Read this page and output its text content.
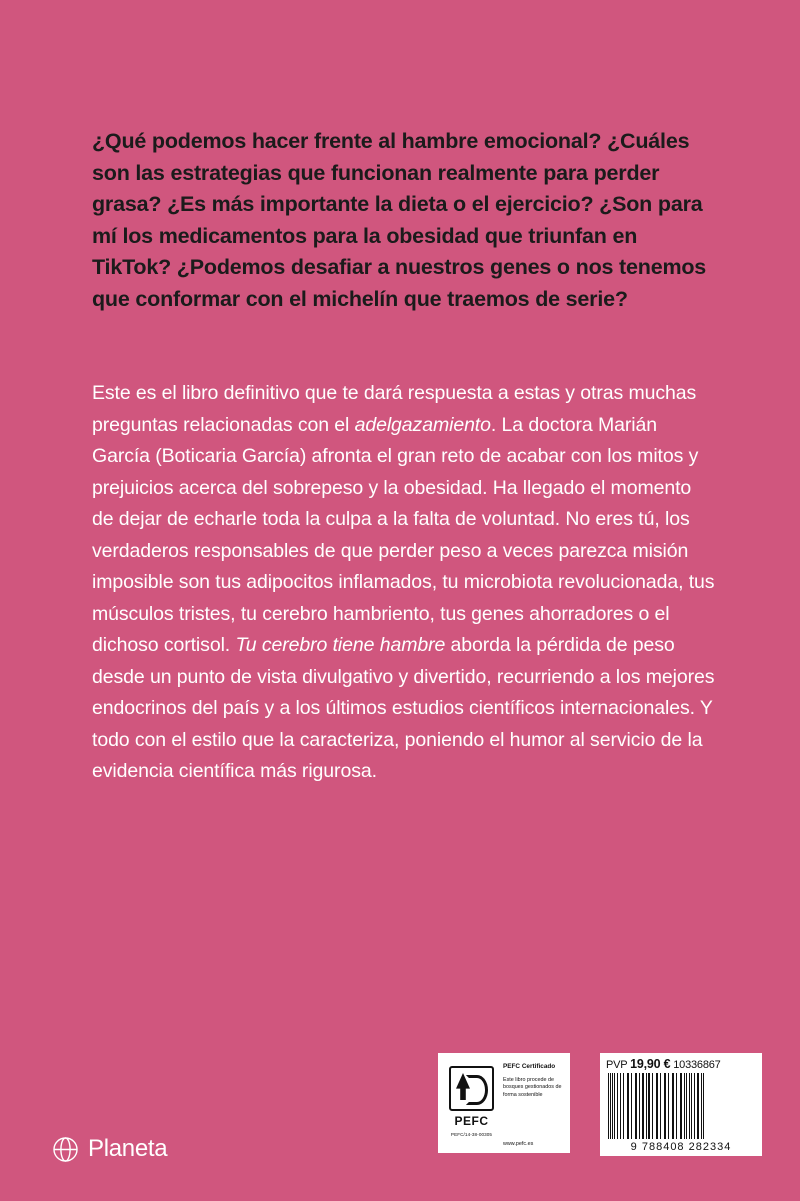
¿Qué podemos hacer frente al hambre emocional? ¿Cuáles son las estrategias que funcionan realmente para perder grasa? ¿Es más importante la dieta o el ejercicio? ¿Son para mí los medicamentos para la obesidad que triunfan en TikTok? ¿Podemos desafiar a nuestros genes o nos tenemos que conformar con el michelín que traemos de serie?
Este es el libro definitivo que te dará respuesta a estas y otras muchas preguntas relacionadas con el adelgazamiento. La doctora Marián García (Boticaria García) afronta el gran reto de acabar con los mitos y prejuicios acerca del sobrepeso y la obesidad. Ha llegado el momento de dejar de echarle toda la culpa a la falta de voluntad. No eres tú, los verdaderos responsables de que perder peso a veces parezca misión imposible son tus adipocitos inflamados, tu microbiota revolucionada, tus músculos tristes, tu cerebro hambriento, tus genes ahorradores o el dichoso cortisol. Tu cerebro tiene hambre aborda la pérdida de peso desde un punto de vista divulgativo y divertido, recurriendo a los mejores endocrinos del país y a los últimos estudios científicos internacionales. Y todo con el estilo que la caracteriza, poniendo el humor al servicio de la evidencia científica más rigurosa.
Planeta
PEFC
PEFC/14-38-00305
PEFC Certificado
Este libro procede de bosques gestionados de forma sostenible
www.pefc.es
PVP 19,90 € 10336867
9 788408 282334
